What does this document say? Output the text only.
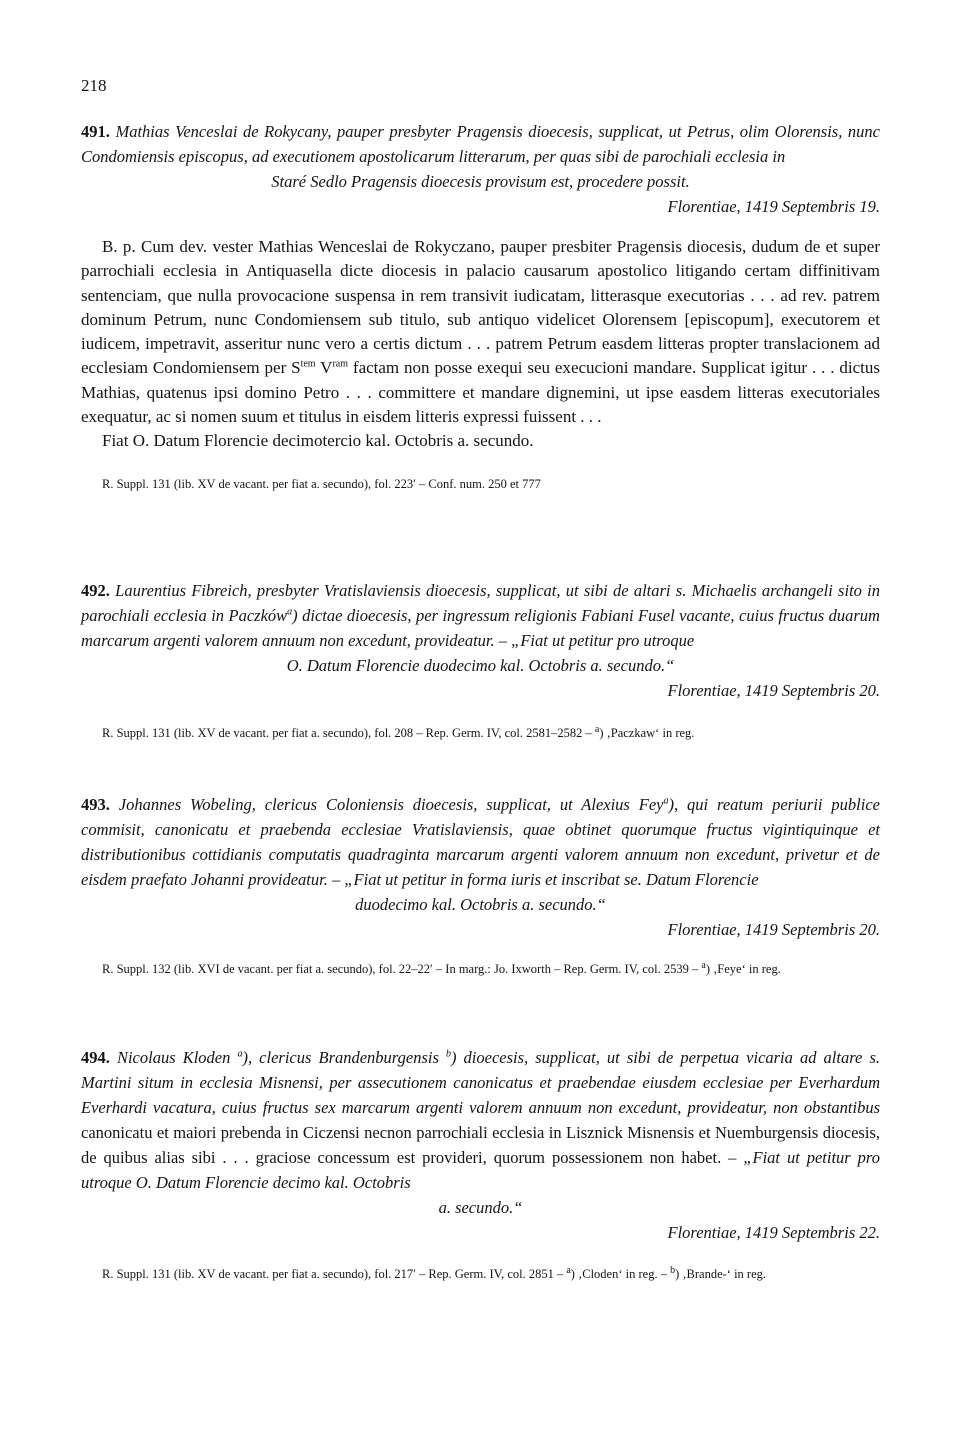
218
491. Mathias Venceslai de Rokycany, pauper presbyter Pragensis dioecesis, supplicat, ut Petrus, olim Olorensis, nunc Condomiensis episcopus, ad executionem apostolicarum litterarum, per quas sibi de parochiali ecclesia in
Staré Sedlo Pragensis dioecesis provisum est, procedere possit.
Florentiae, 1419 Septembris 19.
B. p. Cum dev. vester Mathias Wenceslai de Rokyczano, pauper presbiter Pragensis diocesis, dudum de et super parrochiali ecclesia in Antiquasella dicte diocesis in palacio causarum apostolico litigando certam diffinitivam sentenciam, que nulla provocacione suspensa in rem transivit iudicatam, litterasque executorias . . . ad rev. patrem dominum Petrum, nunc Condomiensem sub titulo, sub antiquo videlicet Olorensem [episcopum], executorem et iudicem, impetravit, asseritur nunc vero a certis dictum . . . patrem Petrum easdem litteras propter translacionem ad ecclesiam Condomiensem per $S^{tem}$ $V^{ram}$ factam non posse exequi seu execucioni mandare. Supplicat igitur . . . dictus Mathias, quatenus ipsi domino Petro . . . committere et mandare dignemini, ut ipse easdem litteras executoriales exequatur, ac si nomen suum et titulus in eisdem litteris expressi fuissent . . .
Fiat O. Datum Florencie decimotercio kal. Octobris a. secundo.
R. Suppl. 131 (lib. XV de vacant. per fiat a. secundo), fol. 223′ – Conf. num. 250 et 777
492. Laurentius Fibreich, presbyter Vratislaviensis dioecesis, supplicat, ut sibi de altari s. Michaelis archangeli sito in parochiali ecclesia in Paczków$^a$) dictae dioecesis, per ingressum religionis Fabiani Fusel vacante, cuius fructus duarum marcarum argenti valorem annuum non excedunt, provideatur. – „Fiat ut petitur pro utroque
O. Datum Florencie duodecimo kal. Octobris a. secundo.“
Florentiae, 1419 Septembris 20.
R. Suppl. 131 (lib. XV de vacant. per fiat a. secundo), fol. 208 – Rep. Germ. IV, col. 2581–2582 – $^a$) ‚Paczkaw‘ in reg.
493. Johannes Wobeling, clericus Coloniensis dioecesis, supplicat, ut Alexius Fey$^a$), qui reatum periurii publice commisit, canonicatu et praebenda ecclesiae Vratislaviensis, quae obtinet quorumque fructus vigintiquinque et distributionibus cottidianis computatis quadraginta marcarum argenti valorem annuum non excedunt, privetur et de eisdem praefato Johanni provideatur. – „Fiat ut petitur in forma iuris et inscribat se. Datum Florencie
duodecimo kal. Octobris a. secundo.“
Florentiae, 1419 Septembris 20.
R. Suppl. 132 (lib. XVI de vacant. per fiat a. secundo), fol. 22–22′ – In marg.: Jo. Ixworth – Rep. Germ. IV, col. 2539 – $^a$) ‚Feye‘ in reg.
494. Nicolaus Kloden $^a$), clericus Brandenburgensis $^b$) dioecesis, supplicat, ut sibi de perpetua vicaria ad altare s. Martini situm in ecclesia Misnensi, per assecutionem canonicatus et praebendae eiusdem ecclesiae per Everhardum Everhardi vacatura, cuius fructus sex marcarum argenti valorem annuum non excedunt, provideatur, non obstantibus canonicatu et maiori prebenda in Ciczensi necnon parrochiali ecclesia in Lisznick Misnensis et Nuemburgensis diocesis, de quibus alias sibi . . . graciose concessum est provideri, quorum possessionem non habet. – „Fiat ut petitur pro utroque O. Datum Florencie decimo kal. Octobris
a. secundo.“
Florentiae, 1419 Septembris 22.
R. Suppl. 131 (lib. XV de vacant. per fiat a. secundo), fol. 217′ – Rep. Germ. IV, col. 2851 – $^a$) ‚Cloden‘ in reg. – $^b$) ‚Brande-‘ in reg.
